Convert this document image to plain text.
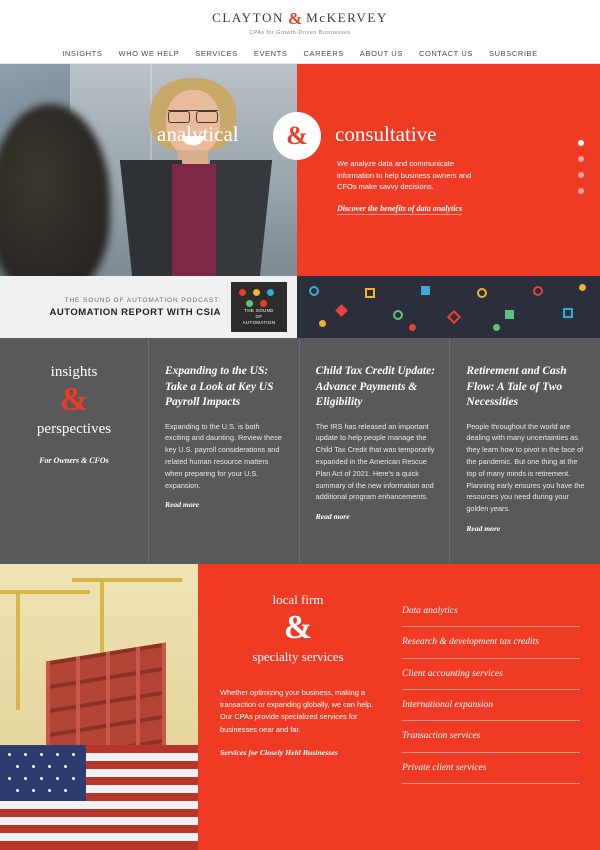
CLAYTON & McKERVEY
CPAs for Growth-Driven Businesses
INSIGHTS WHO WE HELP SERVICES EVENTS CAREERS ABOUT US CONTACT US SUBSCRIBE
analytical & consultative
We analyze data and communicate information to help business owners and CFOs make savvy decisions.
Discover the benefits of data analytics
THE SOUND OF AUTOMATION PODCAST:
AUTOMATION REPORT WITH CSIA	THE SOUND
OF
AUTOMATION
insights
&
perspectives
For Owners & CFOs
Expanding to the US: Take a Look at Key US Payroll Impacts

Expanding to the U.S. is both exciting and daunting. Review these key U.S. payroll considerations and related human resource matters when preparing for your U.S. expansion.

Read more
Child Tax Credit Update: Advance Payments & Eligibility

The IRS has released an important update to help people manage the Child Tax Credit that was temporarily expanded in the American Rescue Plan Act of 2021. Here's a quick summary of the new information and additional program enhancements.

Read more
Retirement and Cash Flow: A Tale of Two Necessities

People throughout the world are dealing with many uncertainties as they learn how to pivot in the face of the pandemic. But one thing at the top of many minds is retirement. Planning early ensures you have the resources you need during your golden years.

Read more
local firm
&
specialty services
Whether optimizing your business, making a transaction or expanding globally, we can help. Our CPAs provide specialized services for businesses near and far.
Services for Closely Held Businesses
Data analytics
Research & development tax credits
Client accounting services
International expansion
Transaction services
Private client services
